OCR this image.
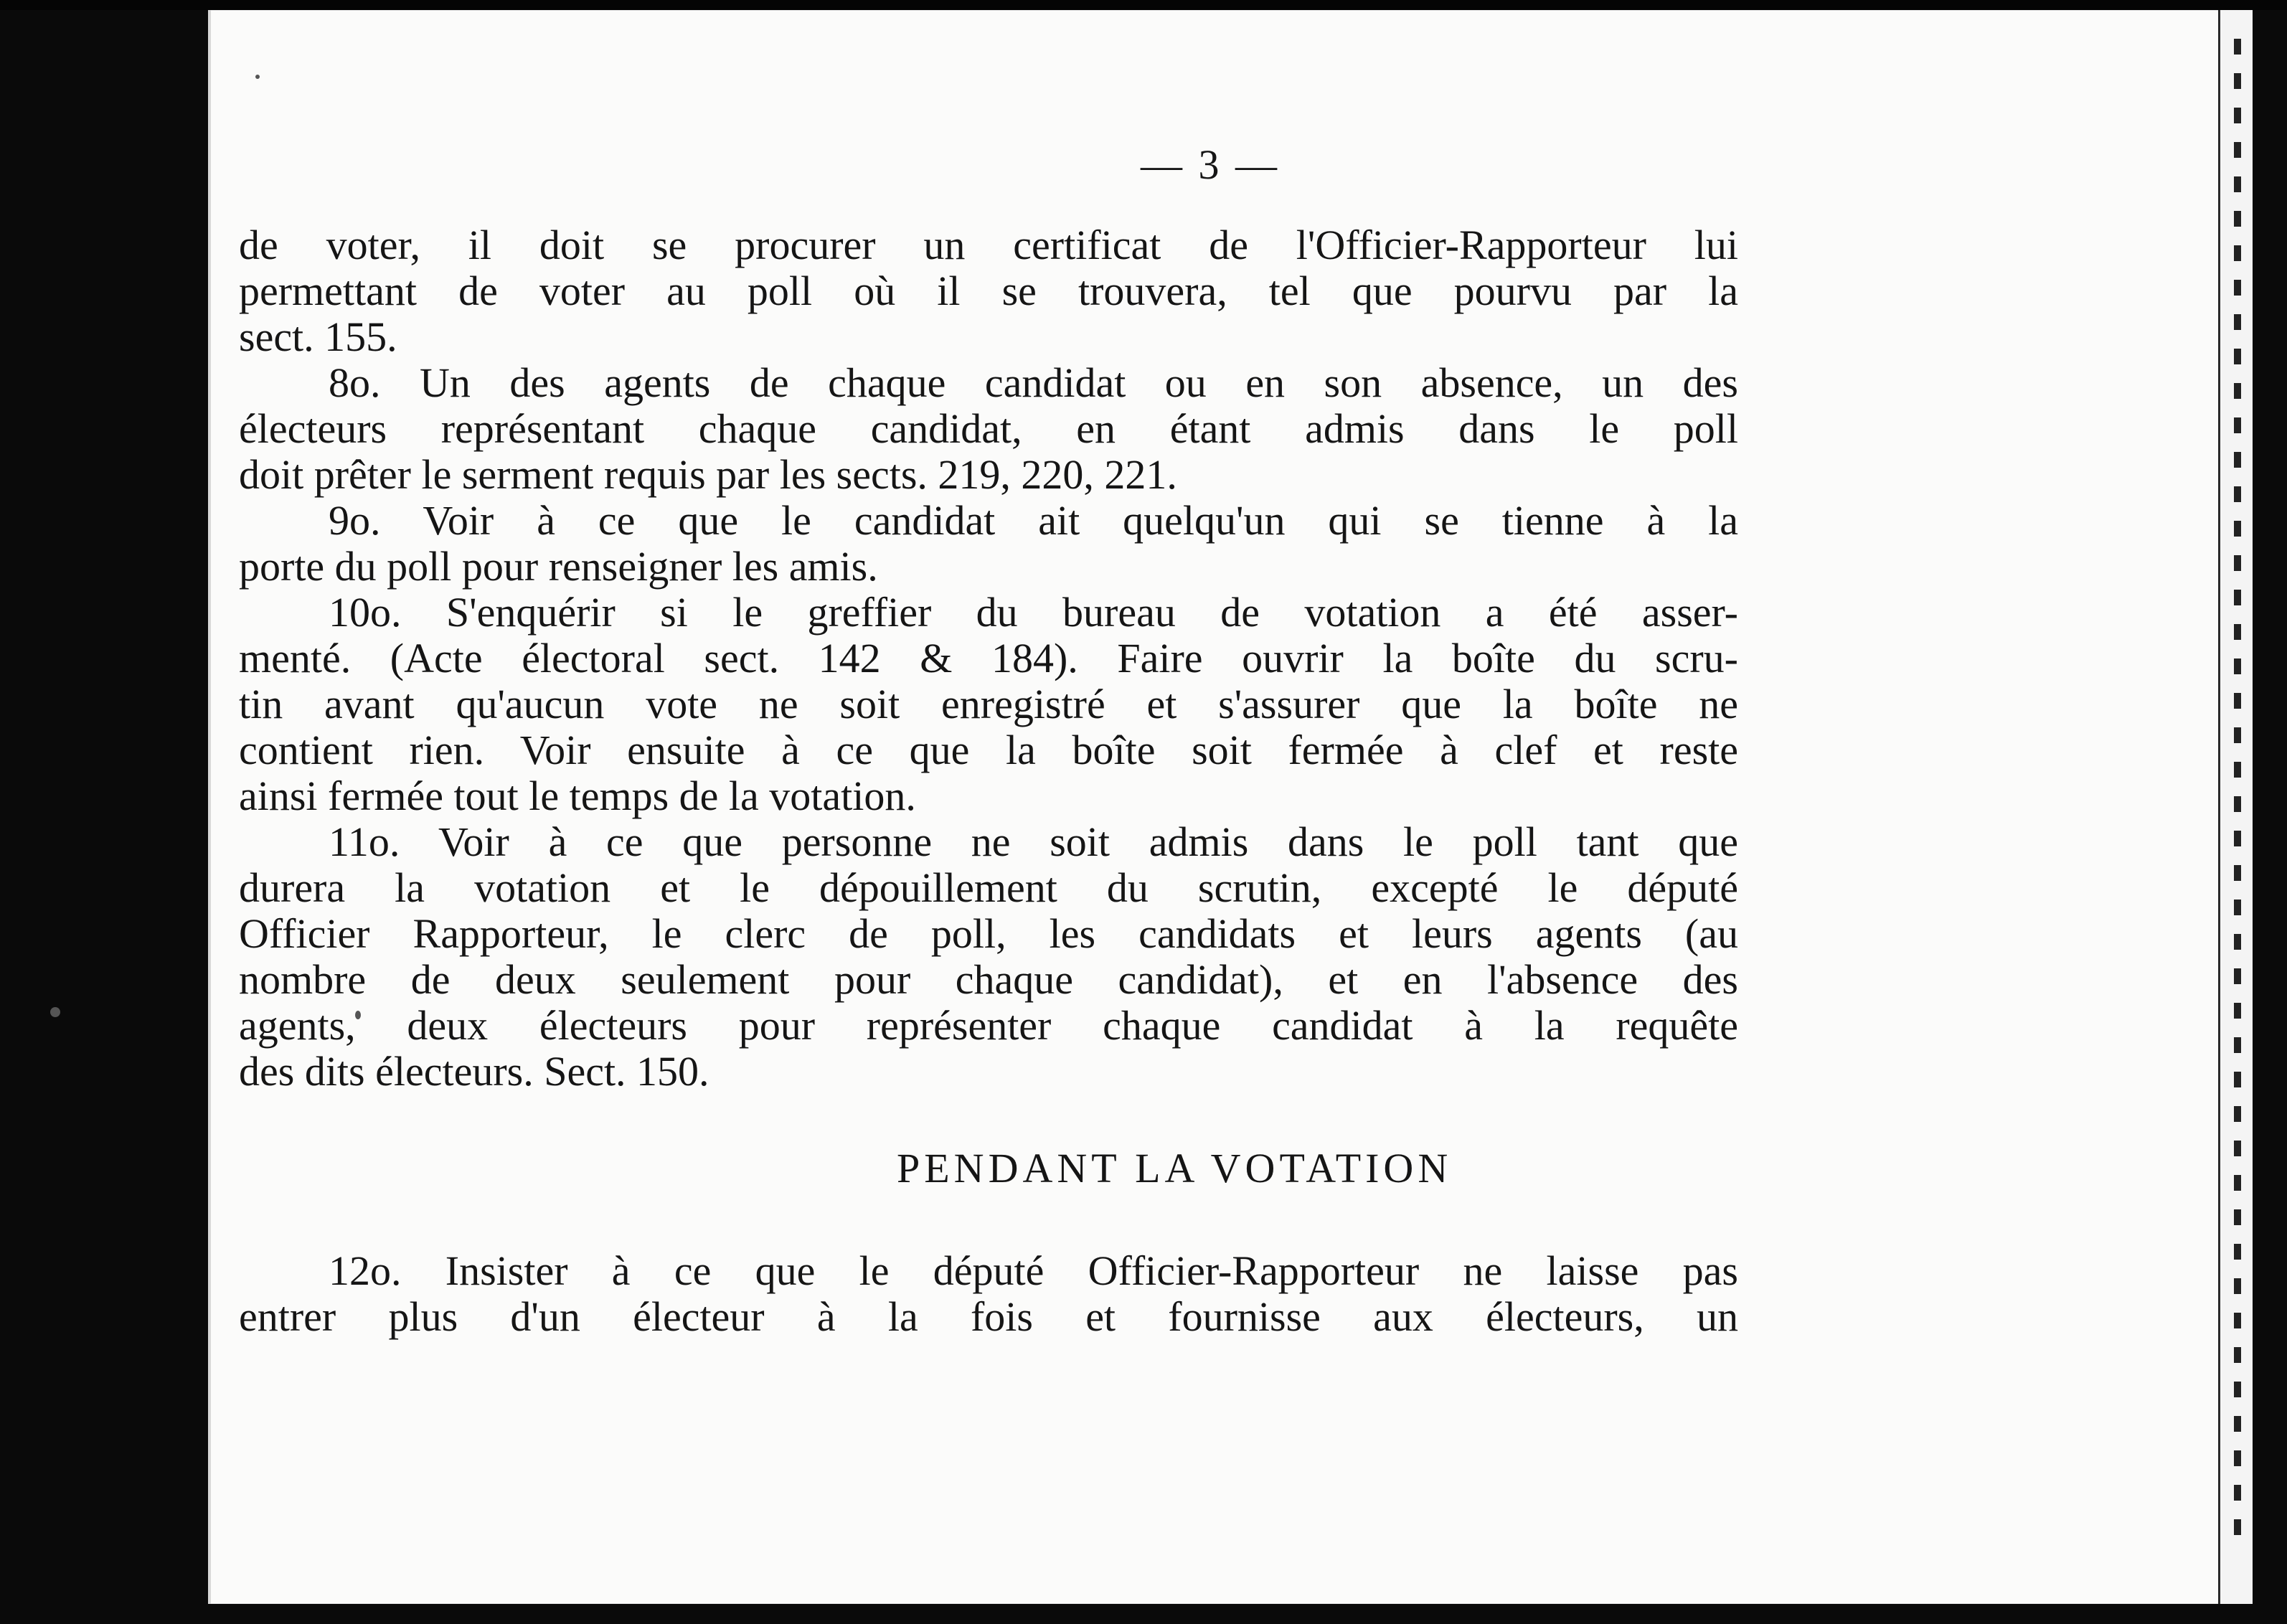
— 3 —
de voter, il doit se procurer un certificat de l'Officier-Rapporteur lui
permettant de voter au poll où il se trouvera, tel que pourvu par la
sect. 155.
8o. Un des agents de chaque candidat ou en son absence, un des
électeurs représentant chaque candidat, en étant admis dans le poll
doit prêter le serment requis par les sects. 219, 220, 221.
9o. Voir à ce que le candidat ait quelqu'un qui se tienne à la
porte du poll pour renseigner les amis.
10o. S'enquérir si le greffier du bureau de votation a été asser-
menté. (Acte électoral sect. 142 & 184). Faire ouvrir la boîte du scru-
tin avant qu'aucun vote ne soit enregistré et s'assurer que la boîte ne
contient rien. Voir ensuite à ce que la boîte soit fermée à clef et reste
ainsi fermée tout le temps de la votation.
11o. Voir à ce que personne ne soit admis dans le poll tant que
durera la votation et le dépouillement du scrutin, excepté le député
Officier Rapporteur, le clerc de poll, les candidats et leurs agents (au
nombre de deux seulement pour chaque candidat), et en l'absence des
agents, deux électeurs pour représenter chaque candidat à la requête
des dits électeurs. Sect. 150.
PENDANT LA VOTATION
12o. Insister à ce que le député Officier-Rapporteur ne laisse pas
entrer plus d'un électeur à la fois et fournisse aux électeurs, un
